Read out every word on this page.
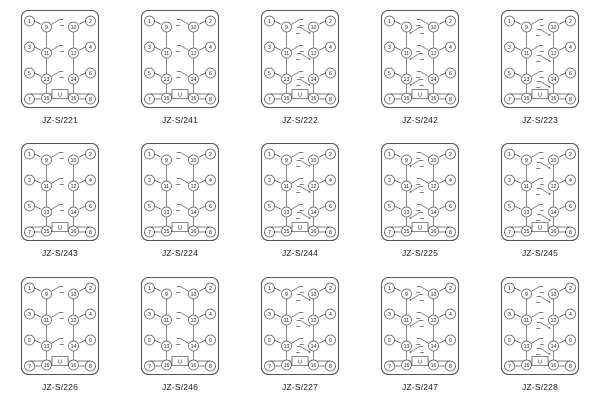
U
1	2
3	4
5	6
7	8
9	10
11	12
13	14
15	16
JZ-S/221
U
1	2
3	4
5	6
7	8
9	10
11	12
13	14
15	16
JZ-S/241
U
1	2
3	4
5	6
7	8
9	10
11	12
13	14
15	16
JZ-S/222
U
1	2
3	4
5	6
7	8
9	10
11	12
13	14
15	16
JZ-S/242
U
1	2
3	4
5	6
7	8
9	10
11	12
13	14
15	16
JZ-S/223
U
1	2
3	4
5	6
7	8
9	10
11	12
13	14
15	16
JZ-S/243
U
1	2
3	4
5	6
7	8
9	10
11	12
13	14
15	16
JZ-S/224
U
1	2
3	4
5	6
7	8
9	10
11	12
13	14
15	16
JZ-S/244
U
1	2
3	4
5	6
7	8
9	10
11	12
13	14
15	16
JZ-S/225
U
1	2
3	4
5	6
7	8
9	10
11	12
13	14
15	16
JZ-S/245
U
1	2
3	4
5	6
7	8
9	10
11	12
13	14
15	16
JZ-S/226
U
1	2
3	4
5	6
7	8
9	10
11	12
13	14
15	16
JZ-S/246
U
1	2
3	4
5	6
7	8
9	10
11	12
13	14
15	16
JZ-S/227
U
1	2
3	4
5	6
7	8
9	10
11	12
13	14
15	16
JZ-S/247
U
1	2
3	4
5	6
7	8
9	10
11	12
13	14
15	16
JZ-S/228
